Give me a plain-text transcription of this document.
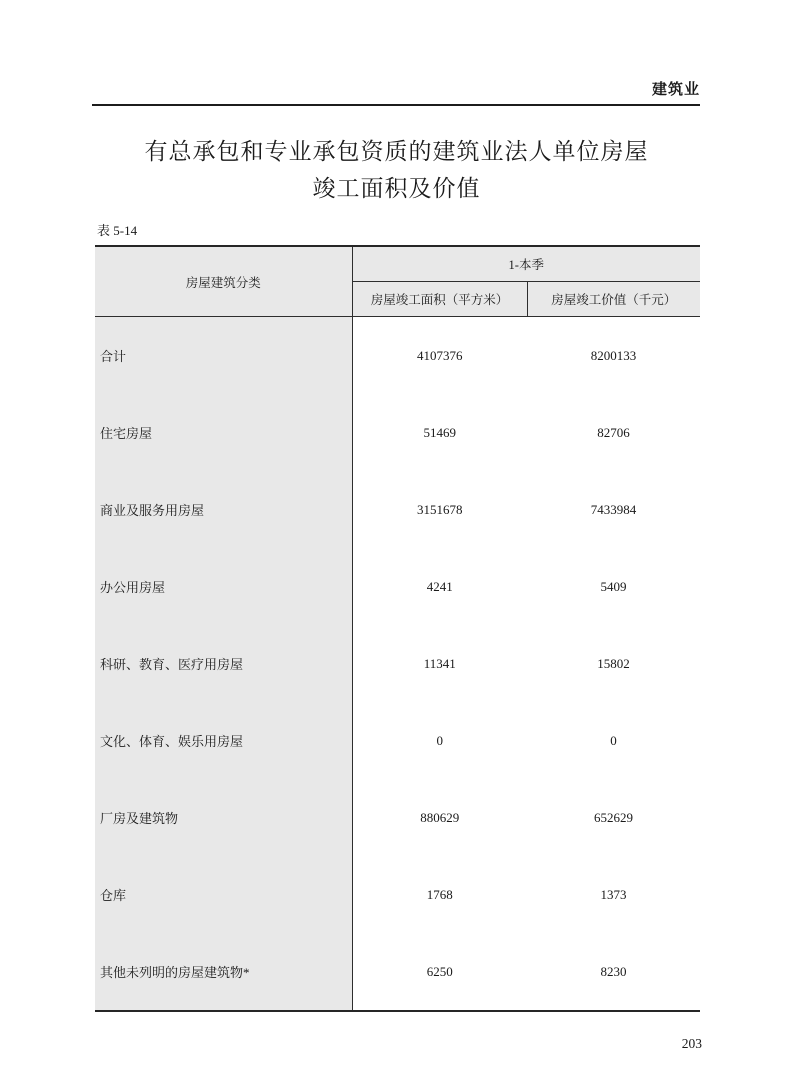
建筑业
有总承包和专业承包资质的建筑业法人单位房屋
竣工面积及价值
表 5-14
房屋建筑分类	1-本季	
	房屋竣工面积（平方米）	房屋竣工价值（千元）
合计	4107376	8200133
住宅房屋	51469	82706
商业及服务用房屋	3151678	7433984
办公用房屋	4241	5409
科研、教育、医疗用房屋	11341	15802
文化、体育、娱乐用房屋	0	0
厂房及建筑物	880629	652629
仓库	1768	1373
其他未列明的房屋建筑物*	6250	8230
203
